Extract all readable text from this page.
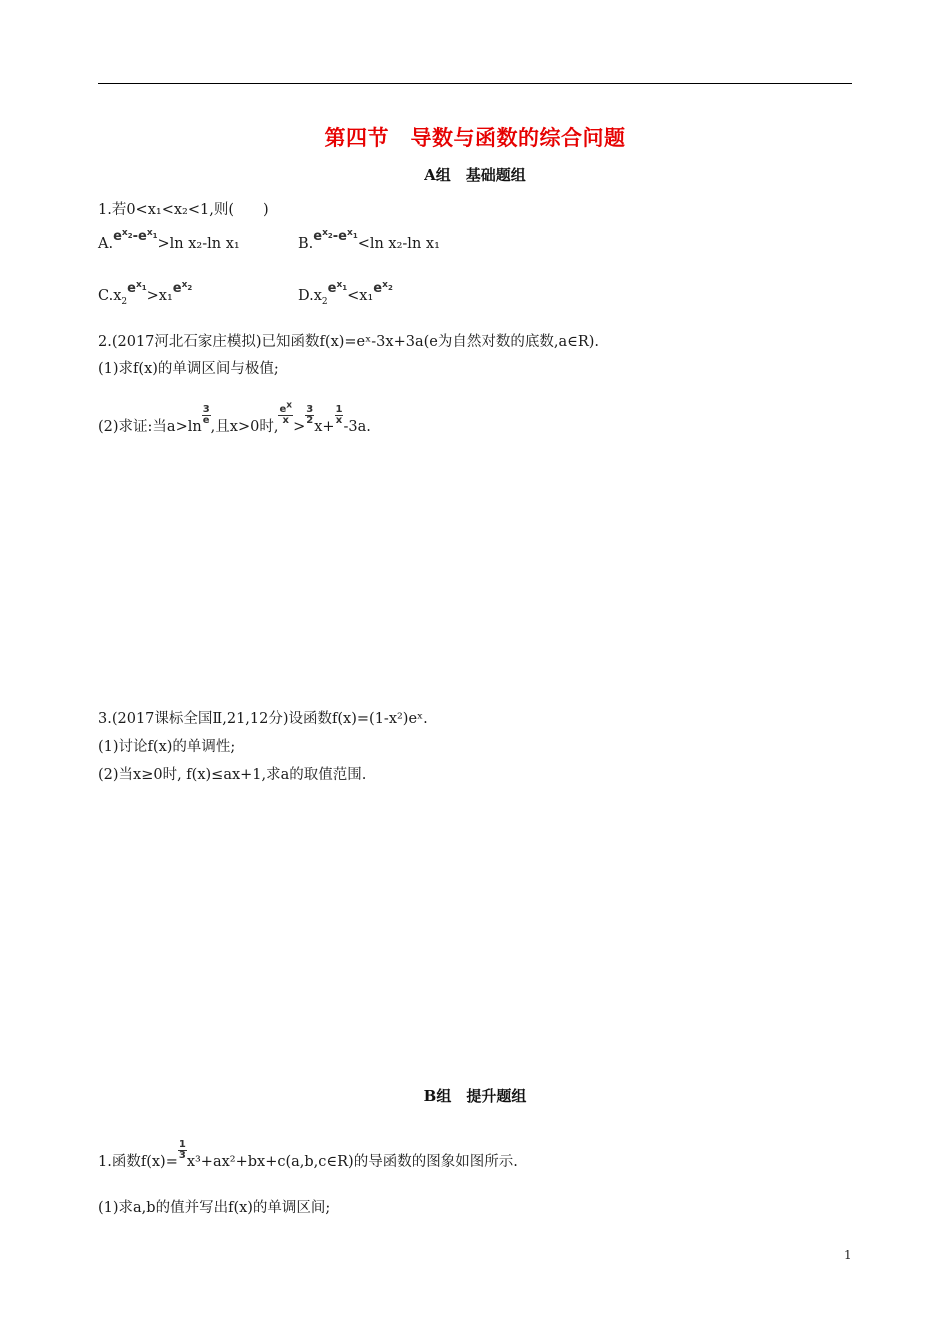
第四节　导数与函数的综合问题
A组　基础题组
1.若0<x₁<x₂<1,则(　　)
$A.e^{x_2}-e^{x_1}>\ln$ x₂-ln x₁	$B.e^{x_2}-e^{x_1}<\ln$ x₂-ln x₁
$C.x_2e^{x_1}>x_1e^{x_2}$
$D.x_2e^{x_1}<x_1e^{x_2}$
2.(2017河北石家庄模拟)已知函数f(x)=eˣ-3x+3a(e为自然对数的底数,a∈R).
(1)求f(x)的单调区间与极值;
(2)求证:当a>ln
$\frac{3}{e}$
,且x>0时,
$\frac{e^x}{x}$
>
$\frac{3}{2}$
x+
$\frac{1}{x}$
-3a.
3.(2017课标全国Ⅱ,21,12分)设函数f(x)=(1-x²)eˣ.
(1)讨论f(x)的单调性;
(2)当x≥0时, f(x)≤ax+1,求a的取值范围.
B组　提升题组
1.函数f(x)=
$\frac{1}{3}$
x³+ax²+bx+c(a,b,c∈R)的导函数的图象如图所示.
(1)求a,b的值并写出f(x)的单调区间;
1
